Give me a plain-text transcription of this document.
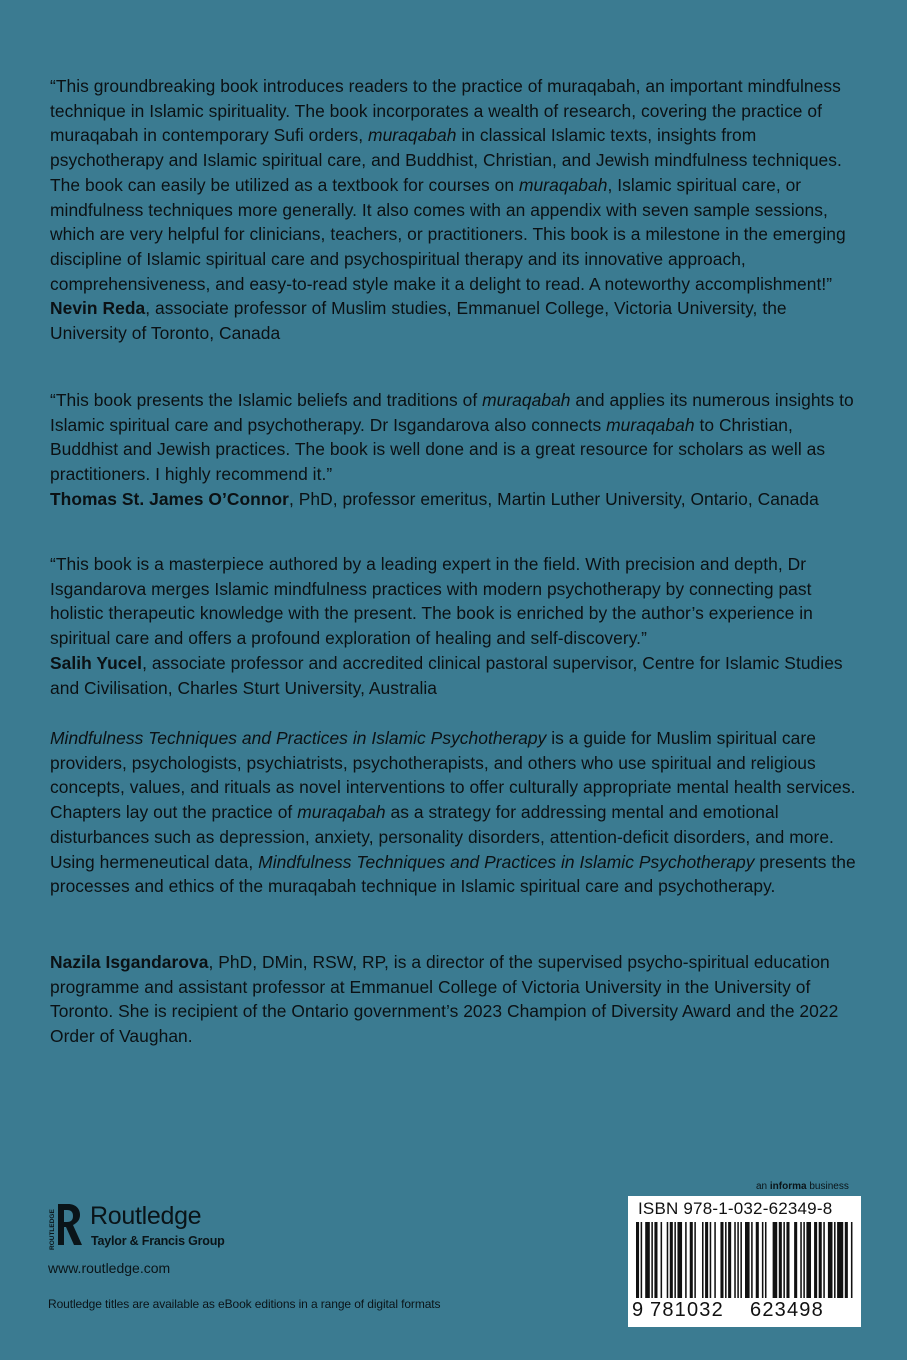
“This groundbreaking book introduces readers to the practice of muraqabah, an important mindfulness technique in Islamic spirituality. The book incorporates a wealth of research, covering the practice of muraqabah in contemporary Sufi orders, muraqabah in classical Islamic texts, insights from psychotherapy and Islamic spiritual care, and Buddhist, Christian, and Jewish mindfulness techniques. The book can easily be utilized as a textbook for courses on muraqabah, Islamic spiritual care, or mindfulness techniques more generally. It also comes with an appendix with seven sample sessions, which are very helpful for clinicians, teachers, or practitioners. This book is a milestone in the emerging discipline of Islamic spiritual care and psychospiritual therapy and its innovative approach, comprehensiveness, and easy-to-read style make it a delight to read. A noteworthy accomplishment!”

Nevin Reda, associate professor of Muslim studies, Emmanuel College, Victoria University, the University of Toronto, Canada

“This book presents the Islamic beliefs and traditions of muraqabah and applies its numerous insights to Islamic spiritual care and psychotherapy. Dr Isgandarova also connects muraqabah to Christian, Buddhist and Jewish practices. The book is well done and is a great resource for scholars as well as practitioners. I highly recommend it.”

Thomas St. James O’Connor, PhD, professor emeritus, Martin Luther University, Ontario, Canada

“This book is a masterpiece authored by a leading expert in the field. With precision and depth, Dr Isgandarova merges Islamic mindfulness practices with modern psychotherapy by connecting past holistic therapeutic knowledge with the present. The book is enriched by the author’s experience in spiritual care and offers a profound exploration of healing and self-discovery.”

Salih Yucel, associate professor and accredited clinical pastoral supervisor, Centre for Islamic Studies and Civilisation, Charles Sturt University, Australia

Mindfulness Techniques and Practices in Islamic Psychotherapy is a guide for Muslim spiritual care providers, psychologists, psychiatrists, psychotherapists, and others who use spiritual and religious concepts, values, and rituals as novel interventions to offer culturally appropriate mental health services. Chapters lay out the practice of muraqabah as a strategy for addressing mental and emotional disturbances such as depression, anxiety, personality disorders, attention-deficit disorders, and more. Using hermeneutical data, Mindfulness Techniques and Practices in Islamic Psychotherapy presents the processes and ethics of the muraqabah technique in Islamic spiritual care and psychotherapy.

Nazila Isgandarova, PhD, DMin, RSW, RP, is a director of the supervised psycho-spiritual education programme and assistant professor at Emmanuel College of Victoria University in the University of Toronto. She is recipient of the Ontario government’s 2023 Champion of Diversity Award and the 2022 Order of Vaughan.

ROUTLEDGE Routledge
Taylor & Francis Group
www.routledge.com
Routledge titles are available as eBook editions in a range of digital formats
an informa business
ISBN 978-1-032-62349-8
9 781032 623498
